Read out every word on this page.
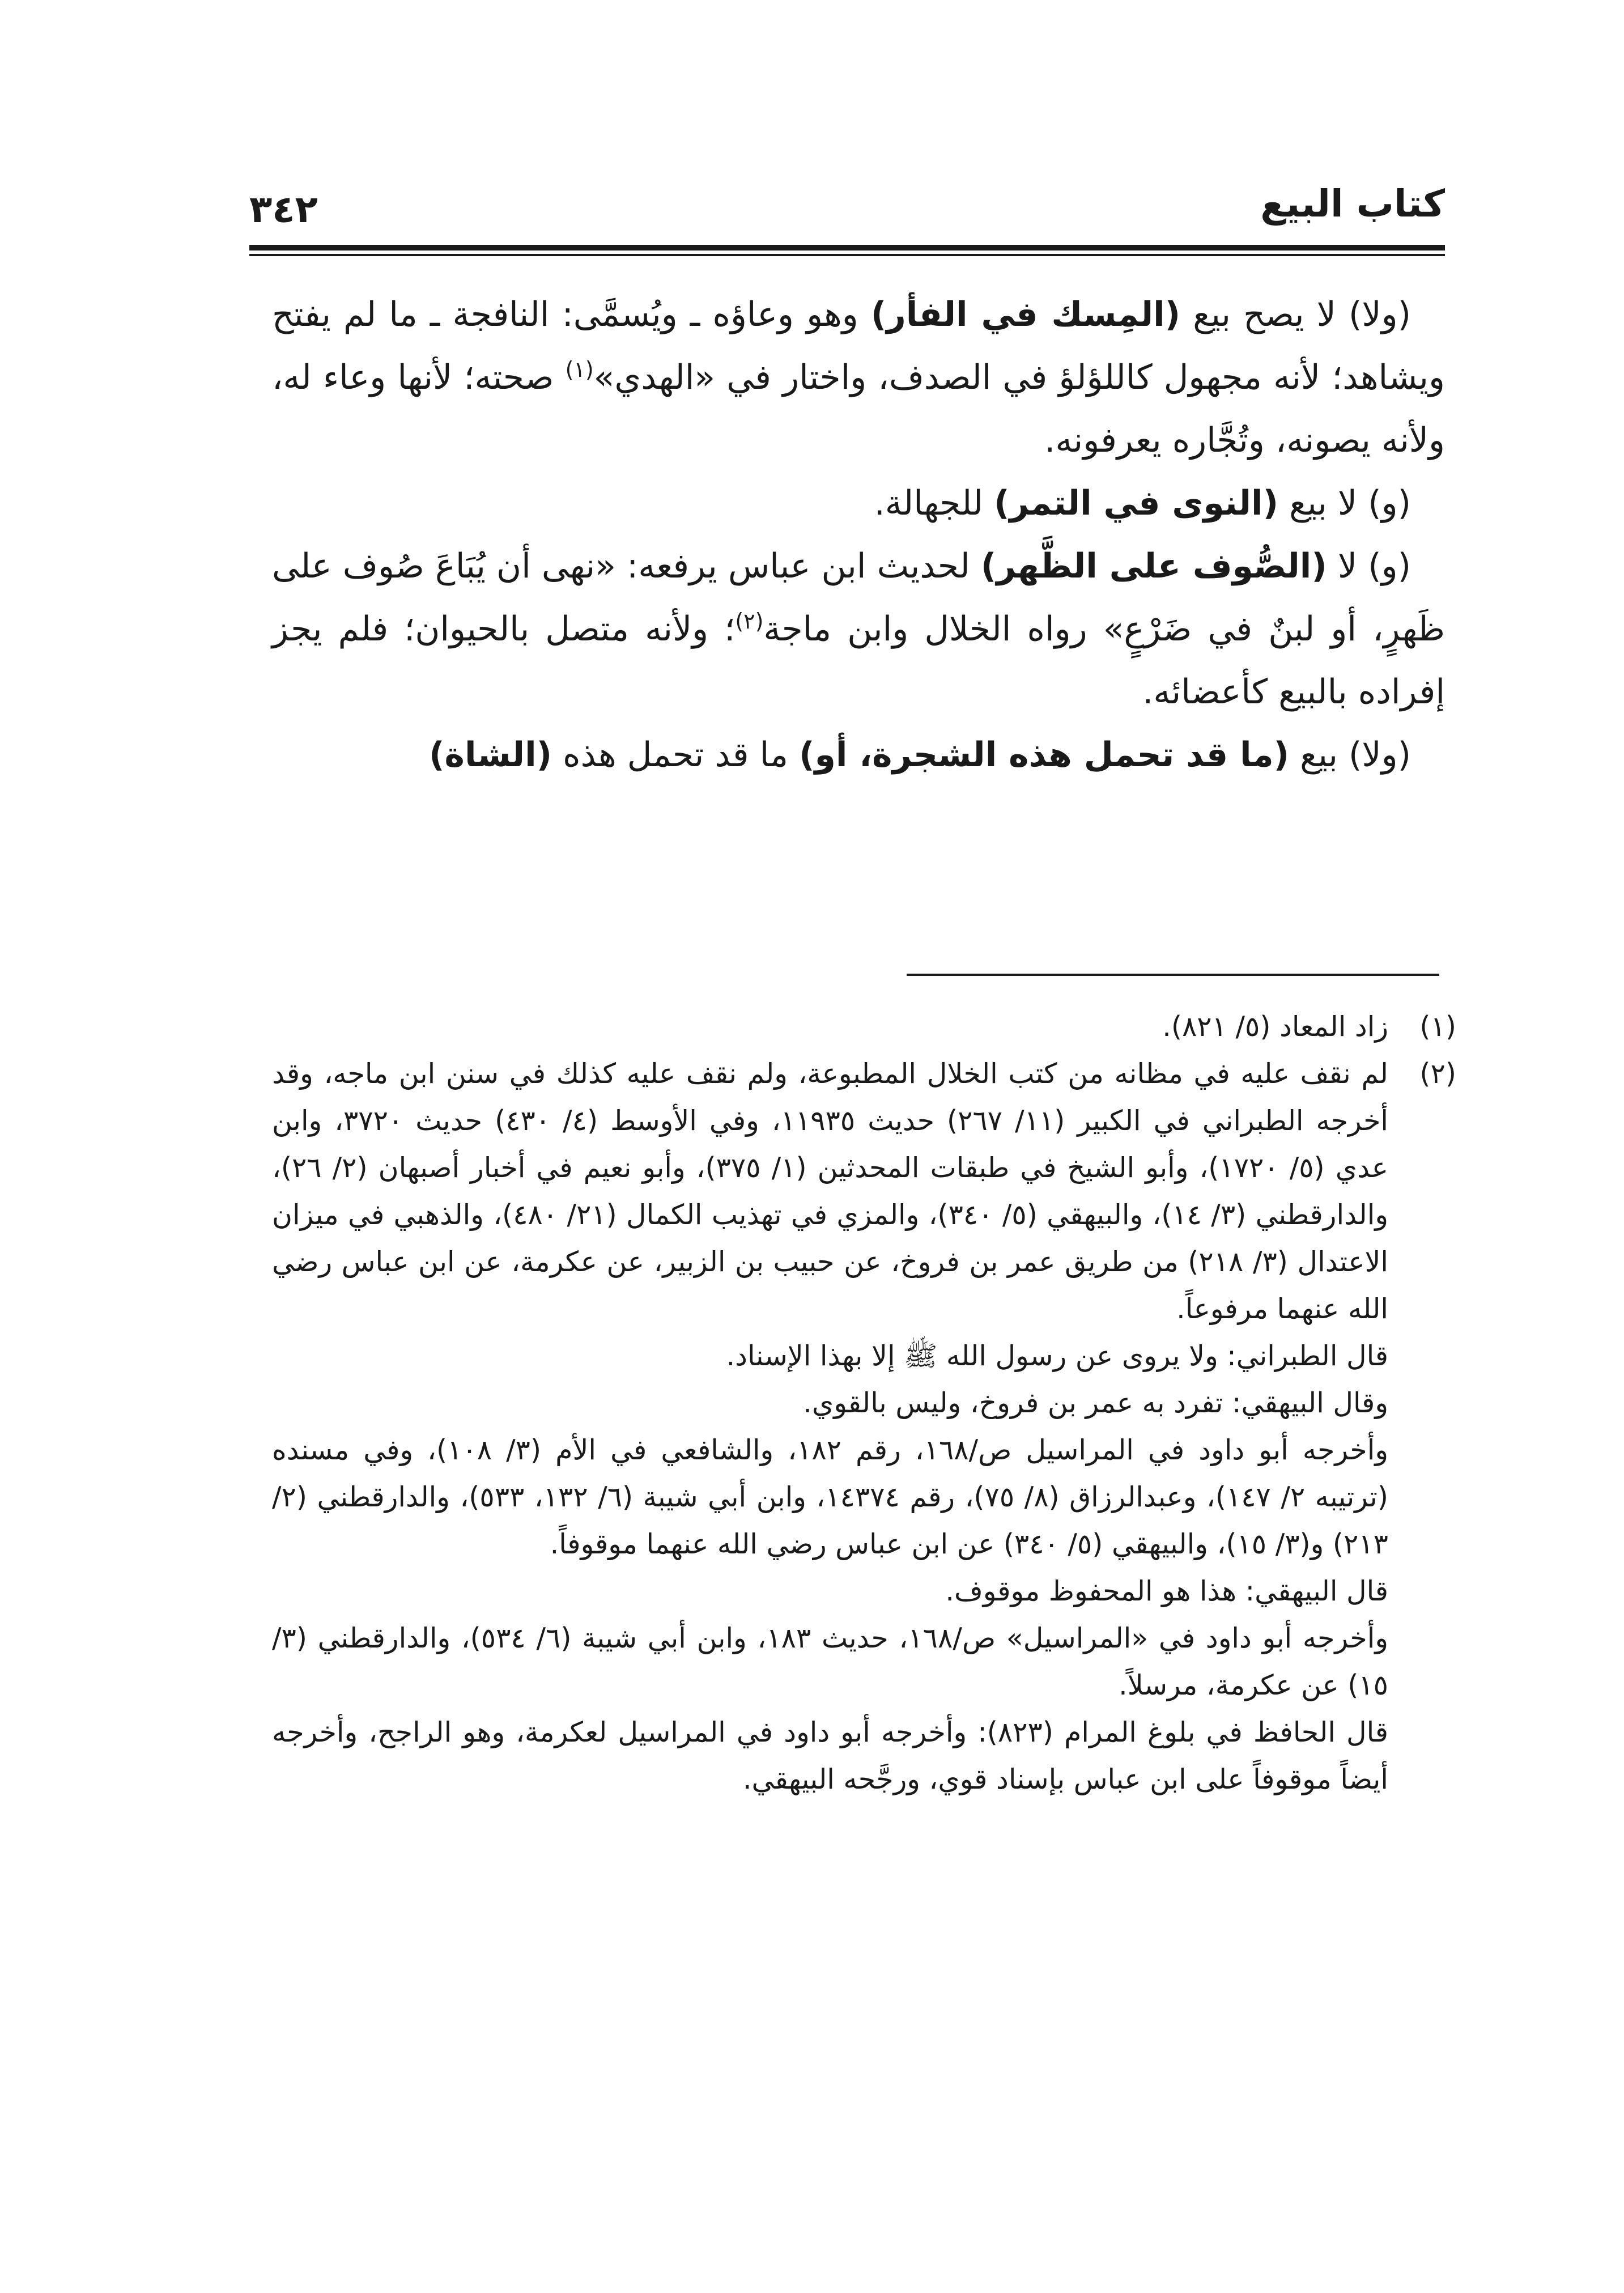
كتاب البيع
٣٤٢

(ولا) لا يصح بيع (المِسك في الفأر) وهو وعاؤه ـ ويُسمَّى: النافجة ـ ما لم يفتح ويشاهد؛ لأنه مجهول كاللؤلؤ في الصدف، واختار في «الهدي»$^{(١)}$ صحته؛ لأنها وعاء له، ولأنه يصونه، وتُجَّاره يعرفونه.

(و) لا بيع (النوى في التمر) للجهالة.

(و) لا (الصُّوف على الظَّهر) لحديث ابن عباس يرفعه: «نهى أن يُبَاعَ صُوف على ظَهرٍ، أو لبنٌ في ضَرْعٍ» رواه الخلال وابن ماجة$^{(٢)}$؛ ولأنه متصل بالحيوان؛ فلم يجز إفراده بالبيع كأعضائه.

(ولا) بيع (ما قد تحمل هذه الشجرة، أو) ما قد تحمل هذه (الشاة)

(١)

زاد المعاد (٥/ ٨٢١).

(٢)

لم نقف عليه في مظانه من كتب الخلال المطبوعة، ولم نقف عليه كذلك في سنن ابن ماجه، وقد أخرجه الطبراني في الكبير (١١/ ٢٦٧) حديث ١١٩٣٥، وفي الأوسط (٤/ ٤٣٠) حديث ٣٧٢٠، وابن عدي (٥/ ١٧٢٠)، وأبو الشيخ في طبقات المحدثين (١/ ٣٧٥)، وأبو نعيم في أخبار أصبهان (٢/ ٢٦)، والدارقطني (٣/ ١٤)، والبيهقي (٥/ ٣٤٠)، والمزي في تهذيب الكمال (٢١/ ٤٨٠)، والذهبي في ميزان الاعتدال (٣/ ٢١٨) من طريق عمر بن فروخ، عن حبيب بن الزبير، عن عكرمة، عن ابن عباس رضي الله عنهما مرفوعاً.

قال الطبراني: ولا يروى عن رسول الله ﷺ إلا بهذا الإسناد.

وقال البيهقي: تفرد به عمر بن فروخ، وليس بالقوي.

وأخرجه أبو داود في المراسيل ص/١٦٨، رقم ١٨٢، والشافعي في الأم (٣/ ١٠٨)، وفي مسنده (ترتيبه ٢/ ١٤٧)، وعبدالرزاق (٨/ ٧٥)، رقم ١٤٣٧٤، وابن أبي شيبة (٦/ ١٣٢، ٥٣٣)، والدارقطني (٢/ ٢١٣) و(٣/ ١٥)، والبيهقي (٥/ ٣٤٠) عن ابن عباس رضي الله عنهما موقوفاً.

قال البيهقي: هذا هو المحفوظ موقوف.

وأخرجه أبو داود في «المراسيل» ص/١٦٨، حديث ١٨٣، وابن أبي شيبة (٦/ ٥٣٤)، والدارقطني (٣/ ١٥) عن عكرمة، مرسلاً.

قال الحافظ في بلوغ المرام (٨٢٣): وأخرجه أبو داود في المراسيل لعكرمة، وهو الراجح، وأخرجه أيضاً موقوفاً على ابن عباس بإسناد قوي، ورجَّحه البيهقي.
